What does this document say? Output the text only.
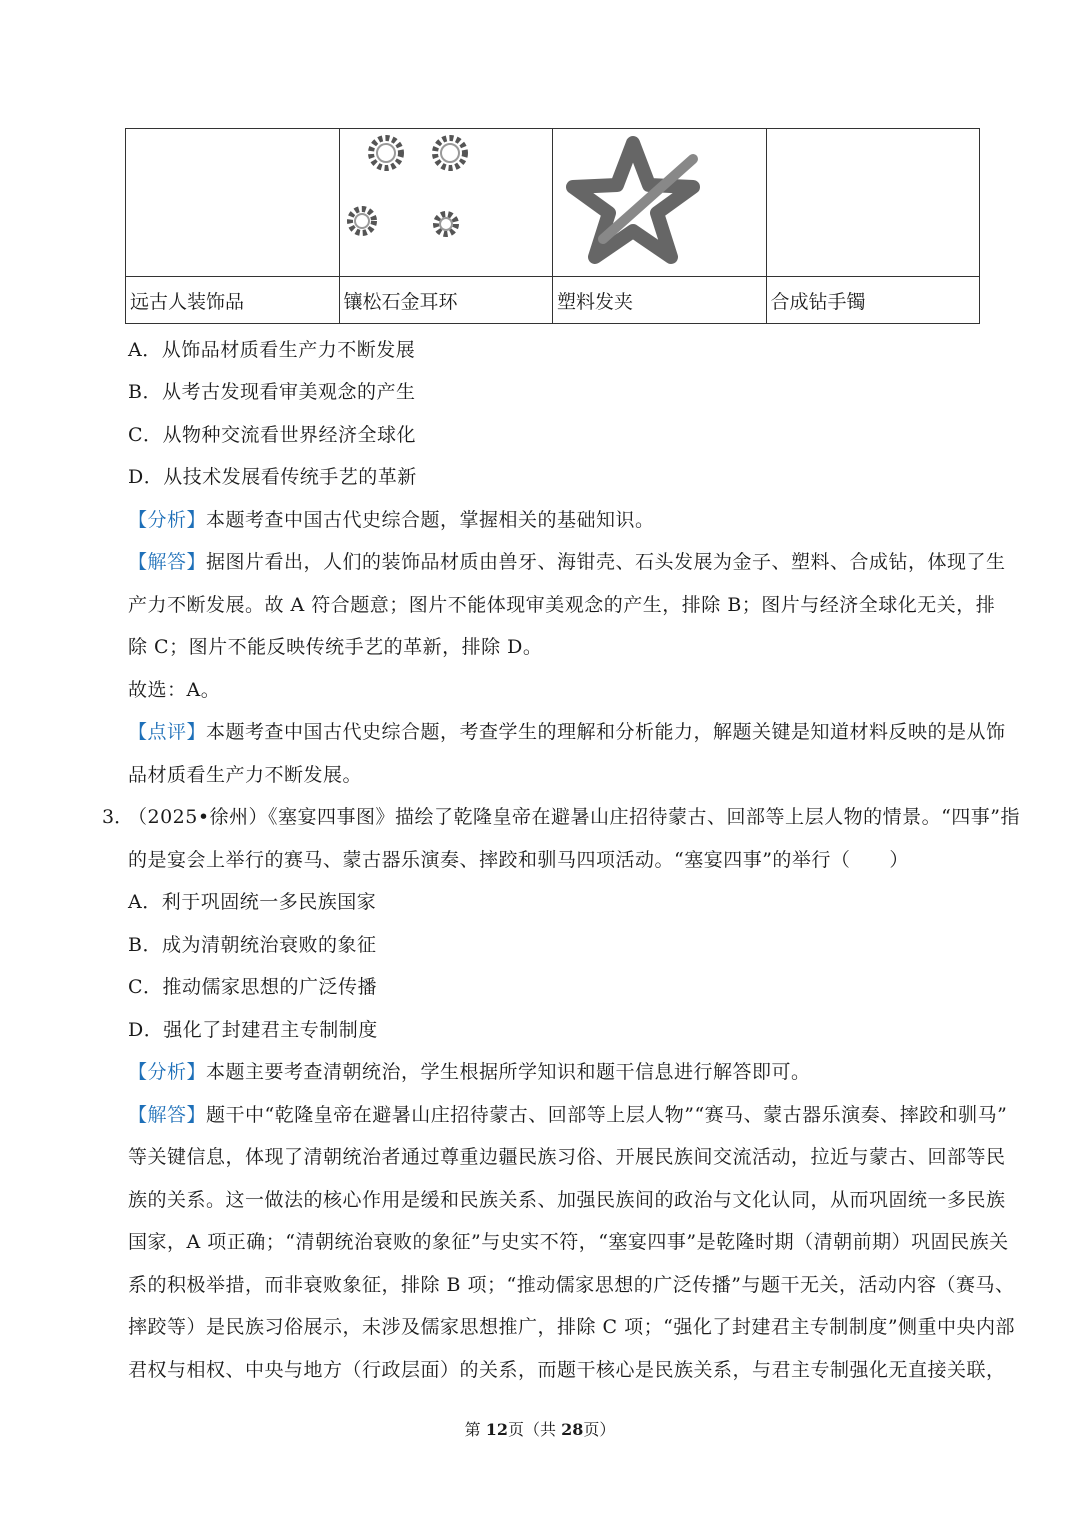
远古人装饰品	镶松石金耳环	塑料发夹	合成钻手镯
A．从饰品材质看生产力不断发展
B．从考古发现看审美观念的产生
C．从物种交流看世界经济全球化
D．从技术发展看传统手艺的革新
【分析】本题考查中国古代史综合题，掌握相关的基础知识。
【解答】据图片看出，人们的装饰品材质由兽牙、海钳壳、石头发展为金子、塑料、合成钻，体现了生
产力不断发展。故 A 符合题意；图片不能体现审美观念的产生，排除 B；图片与经济全球化无关，排
除 C；图片不能反映传统手艺的革新，排除 D。
故选：A。
【点评】本题考查中国古代史综合题，考查学生的理解和分析能力，解题关键是知道材料反映的是从饰
品材质看生产力不断发展。
3．
（2025•徐州）《塞宴四事图》描绘了乾隆皇帝在避暑山庄招待蒙古、回部等上层人物的情景。“四事”指
的是宴会上举行的赛马、蒙古器乐演奏、摔跤和驯马四项活动。“塞宴四事”的举行（　　）
A．利于巩固统一多民族国家
B．成为清朝统治衰败的象征
C．推动儒家思想的广泛传播
D．强化了封建君主专制制度
【分析】本题主要考查清朝统治，学生根据所学知识和题干信息进行解答即可。
【解答】题干中“乾隆皇帝在避暑山庄招待蒙古、回部等上层人物”“赛马、蒙古器乐演奏、摔跤和驯马”
等关键信息，体现了清朝统治者通过尊重边疆民族习俗、开展民族间交流活动，拉近与蒙古、回部等民
族的关系。这一做法的核心作用是缓和民族关系、加强民族间的政治与文化认同，从而巩固统一多民族
国家，A 项正确；“清朝统治衰败的象征”与史实不符，“塞宴四事”是乾隆时期（清朝前期）巩固民族关
系的积极举措，而非衰败象征，排除 B 项；“推动儒家思想的广泛传播”与题干无关，活动内容（赛马、
摔跤等）是民族习俗展示，未涉及儒家思想推广，排除 C 项；“强化了封建君主专制制度”侧重中央内部
君权与相权、中央与地方（行政层面）的关系，而题干核心是民族关系，与君主专制强化无直接关联，
第 12页（共 28页）
